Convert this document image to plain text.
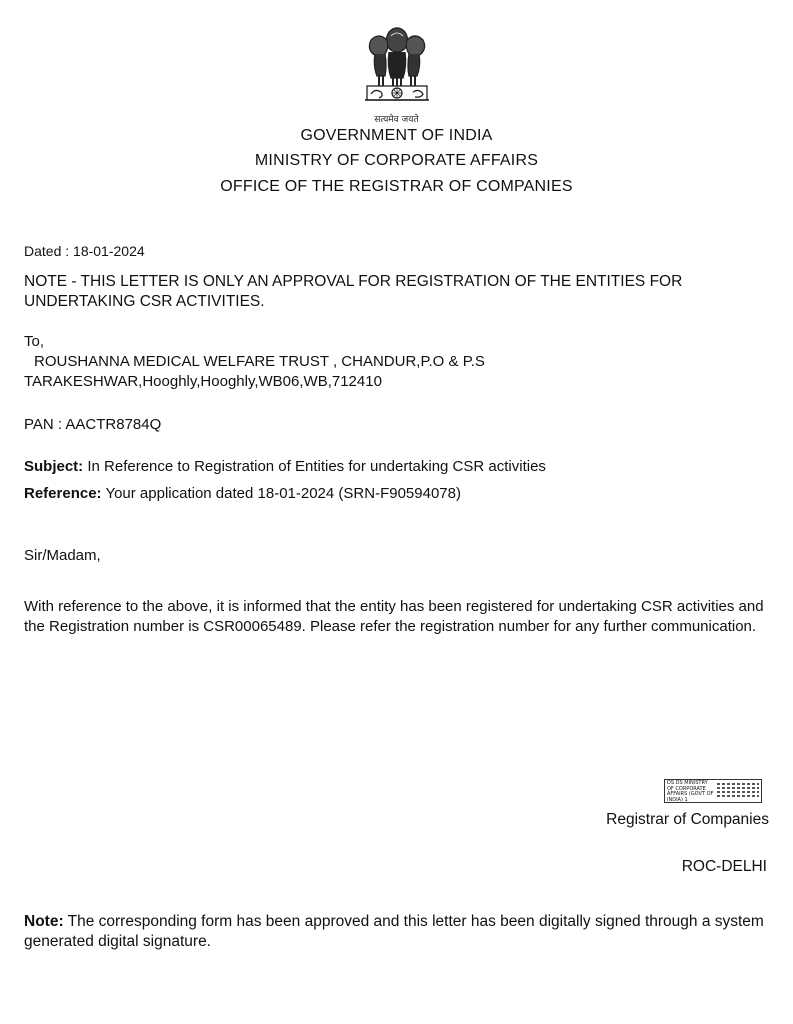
सत्यमेव जयते
GOVERNMENT OF INDIA
MINISTRY OF CORPORATE AFFAIRS
OFFICE OF THE REGISTRAR OF COMPANIES
Dated : 18-01-2024
NOTE - THIS LETTER IS ONLY AN APPROVAL FOR REGISTRATION OF THE ENTITIES FOR UNDERTAKING CSR ACTIVITIES.
To,
ROUSHANNA MEDICAL WELFARE TRUST , CHANDUR,P.O & P.S
TARAKESHWAR,Hooghly,Hooghly,WB06,WB,712410
PAN : AACTR8784Q
Subject: In Reference to Registration of Entities for undertaking CSR activities
Reference: Your application dated 18-01-2024 (SRN-F90594078)
Sir/Madam,
With reference to the above, it is informed that the entity has been registered for undertaking CSR activities and the Registration number is CSR00065489. Please refer the registration number for any further communication.
DS DS MINISTRY OF CORPORATE AFFAIRS (GOVT OF INDIA) 1
Registrar of Companies
ROC-DELHI
Note: The corresponding form has been approved and this letter has been digitally signed through a system generated digital signature.
